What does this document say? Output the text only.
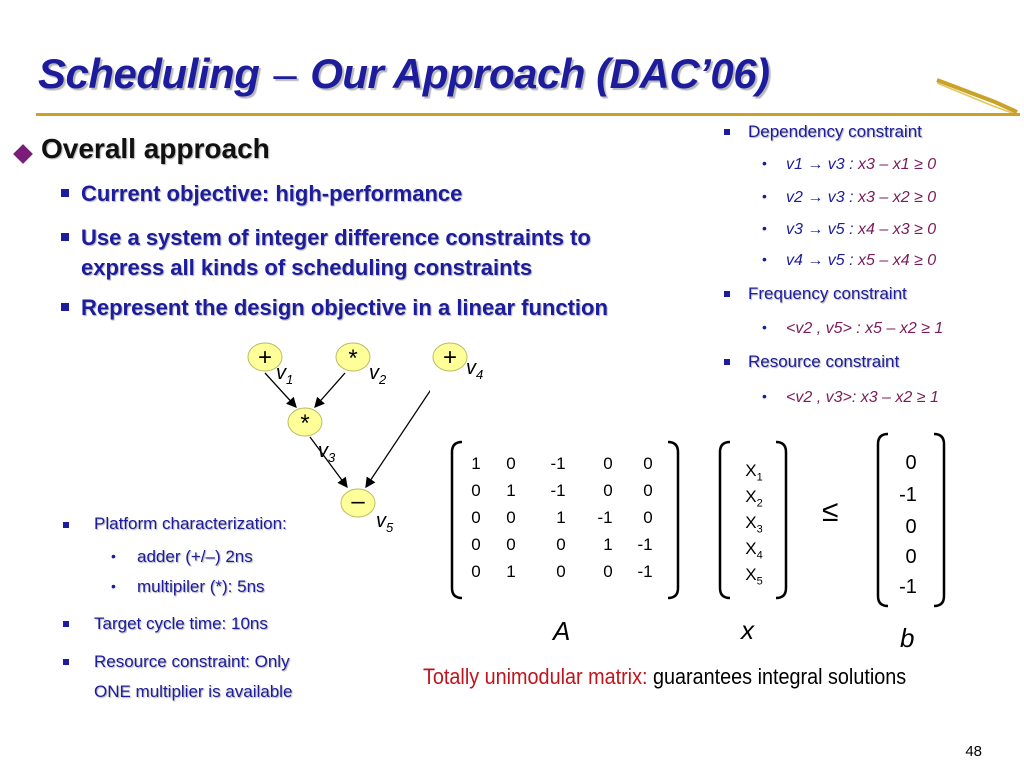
Scheduling – Our Approach (DAC’06)
Overall approach
Current objective: high-performance
Use a system of integer difference constraints to
express all kinds of scheduling constraints
Represent the design objective in a linear function
Dependency constraint
• v1 → v3 : x3 – x1 ≥ 0
• v2 → v3 : x3 – x2 ≥ 0
• v3 → v5 : x4 – x3 ≥ 0
• v4 → v5 : x5 – x4 ≥ 0
Frequency constraint
• <v2 , v5> : x5 – x2 ≥ 1
Resource constraint
• <v2 , v3>: x3 – x2 ≥ 1
+	*	+
*
–
$v_1$	$v_2$
$v_4$
$v_3$
$v_5$
Platform characterization:
• adder (+/–) 2ns
• multipiler (*): 5ns
Target cycle time: 10ns
Resource constraint: Only
ONE multiplier is available
1	0	-1	0	0
0	1	-1	0	0
0	0	1	-1	0
0	0	0	1	-1
0	1	0	0	-1
$X_1$
$X_2$
$X_3$
$X_4$
$X_5$
≤
0
-1
0
0
-1
A	x	b
Totally unimodular matrix: guarantees integral solutions
48
